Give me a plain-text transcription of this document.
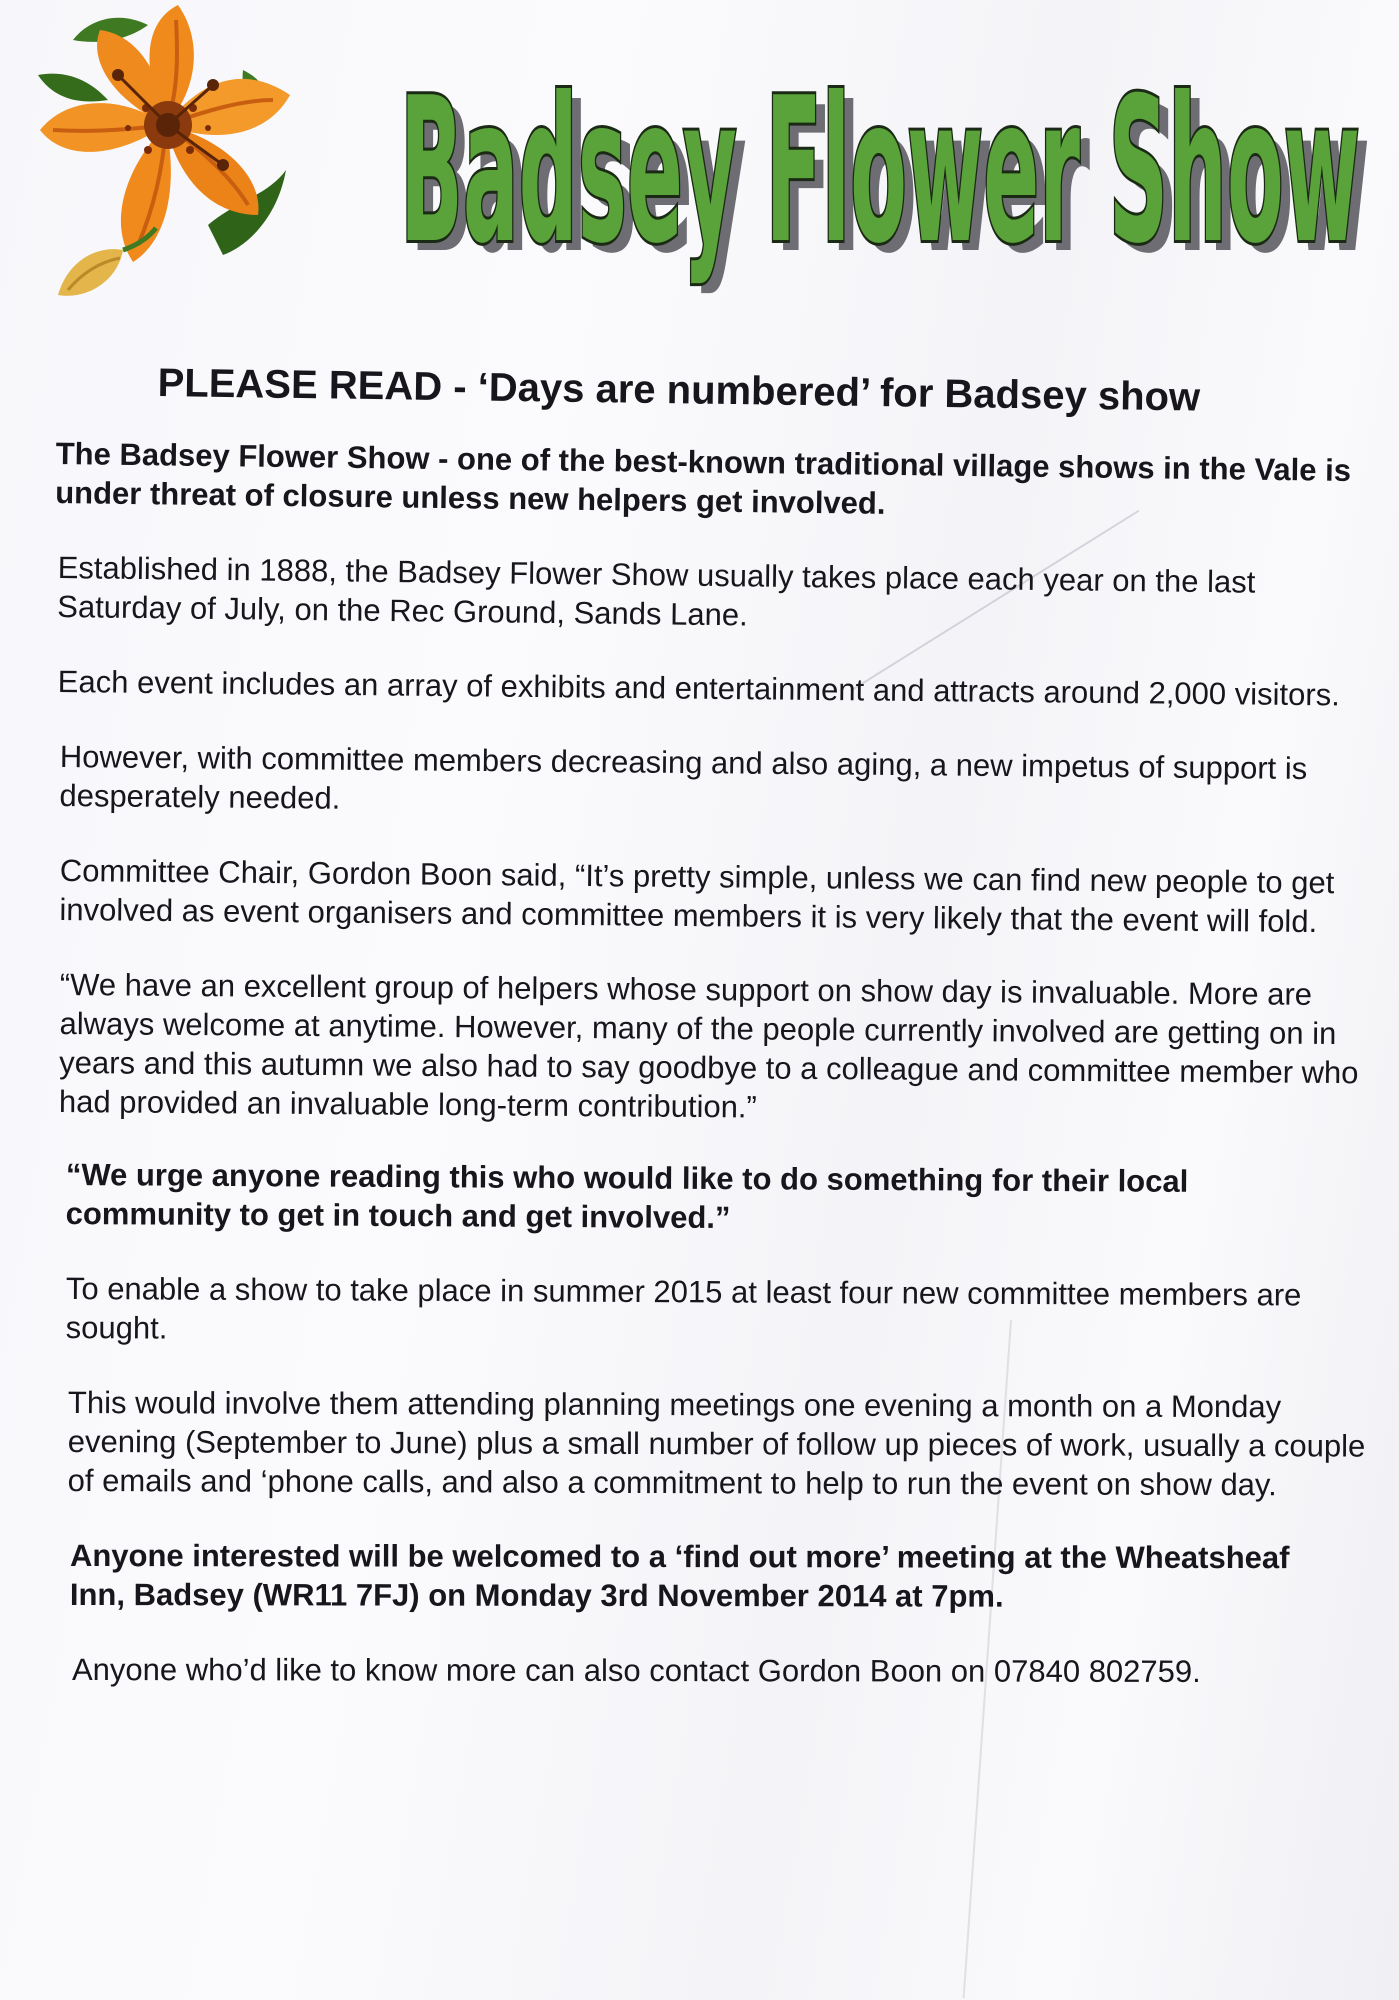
Badsey Flower Show
Badsey Flower Show
PLEASE READ - ‘Days are numbered’ for Badsey show
The Badsey Flower Show - one of the best-known traditional village shows in the Vale is under threat of closure unless new helpers get involved.
Established in 1888, the Badsey Flower Show usually takes place each year on the last Saturday of July, on the Rec Ground, Sands Lane.
Each event includes an array of exhibits and entertainment and attracts around 2,000 visitors.
However, with committee members decreasing and also aging, a new impetus of support is desperately needed.
Committee Chair, Gordon Boon said, “It’s pretty simple, unless we can find new people to get involved as event organisers and committee members it is very likely that the event will fold.
“We have an excellent group of helpers whose support on show day is invaluable. More are always welcome at anytime. However, many of the people currently involved are getting on in years and this autumn we also had to say goodbye to a colleague and committee member who had provided an invaluable long-term contribution.”
“We urge anyone reading this who would like to do something for their local community to get in touch and get involved.”
To enable a show to take place in summer 2015 at least four new committee members are sought.
This would involve them attending planning meetings one evening a month on a Monday evening (September to June) plus a small number of follow up pieces of work, usually a couple of emails and ‘phone calls, and also a commitment to help to run the event on show day.
Anyone interested will be welcomed to a ‘find out more’ meeting at the Wheatsheaf Inn, Badsey (WR11 7FJ) on Monday 3rd November 2014 at 7pm.
Anyone who’d like to know more can also contact Gordon Boon on 07840 802759.
